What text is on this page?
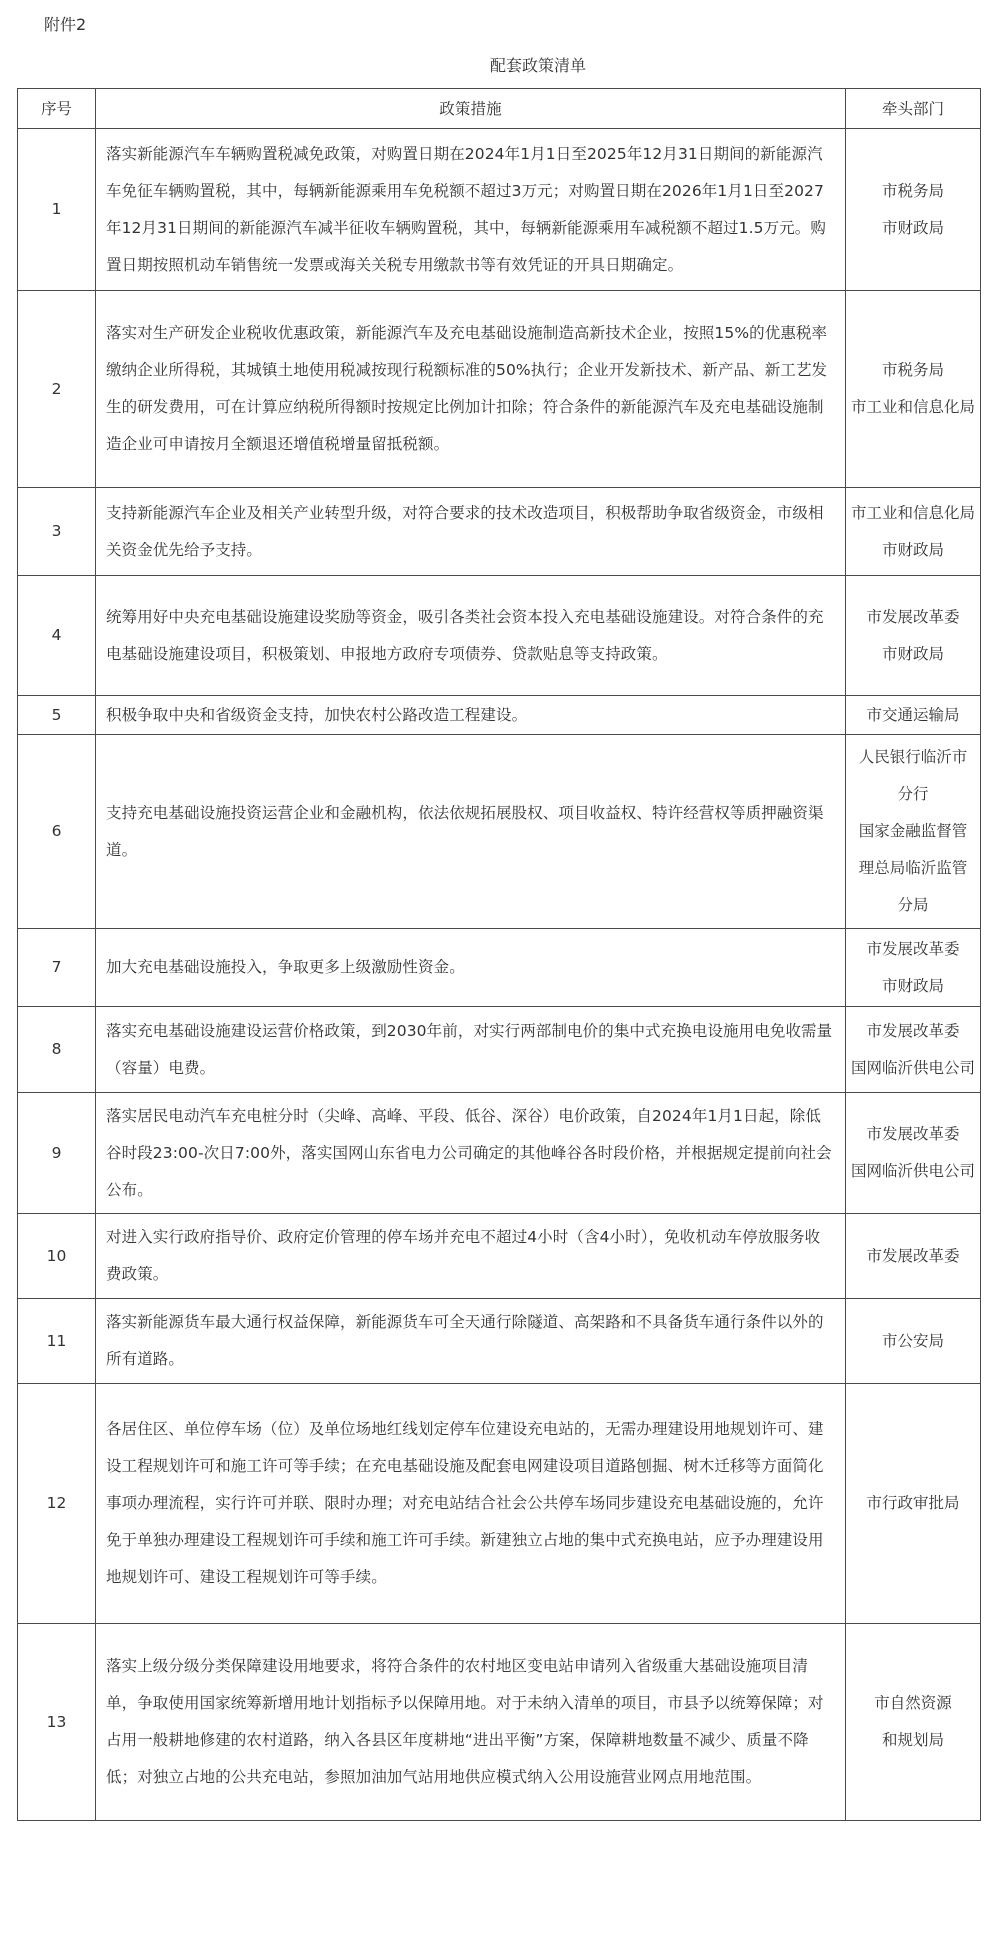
附件2
配套政策清单
序号	政策措施	牵头部门
1	落实新能源汽车车辆购置税减免政策，对购置日期在2024年1月1日至2025年12月31日期间的新能源汽车免征车辆购置税，其中，每辆新能源乘用车免税额不超过3万元；对购置日期在2026年1月1日至2027年12月31日期间的新能源汽车减半征收车辆购置税，其中，每辆新能源乘用车减税额不超过1.5万元。购置日期按照机动车销售统一发票或海关关税专用缴款书等有效凭证的开具日期确定。	市税务局
市财政局
2	落实对生产研发企业税收优惠政策，新能源汽车及充电基础设施制造高新技术企业，按照15%的优惠税率缴纳企业所得税，其城镇土地使用税减按现行税额标准的50%执行；企业开发新技术、新产品、新工艺发生的研发费用，可在计算应纳税所得额时按规定比例加计扣除；符合条件的新能源汽车及充电基础设施制造企业可申请按月全额退还增值税增量留抵税额。	市税务局
市工业和信息化局
3	支持新能源汽车企业及相关产业转型升级，对符合要求的技术改造项目，积极帮助争取省级资金，市级相关资金优先给予支持。	市工业和信息化局
市财政局
4	统筹用好中央充电基础设施建设奖励等资金，吸引各类社会资本投入充电基础设施建设。对符合条件的充电基础设施建设项目，积极策划、申报地方政府专项债券、贷款贴息等支持政策。	市发展改革委
市财政局
5	积极争取中央和省级资金支持，加快农村公路改造工程建设。	市交通运输局
6	支持充电基础设施投资运营企业和金融机构，依法依规拓展股权、项目收益权、特许经营权等质押融资渠道。	人民银行临沂市
分行
国家金融监督管
理总局临沂监管
分局
7	加大充电基础设施投入，争取更多上级激励性资金。	市发展改革委
市财政局
8	落实充电基础设施建设运营价格政策，到2030年前，对实行两部制电价的集中式充换电设施用电免收需量（容量）电费。	市发展改革委
国网临沂供电公司
9	落实居民电动汽车充电桩分时（尖峰、高峰、平段、低谷、深谷）电价政策，自2024年1月1日起，除低谷时段23:00-次日7:00外，落实国网山东省电力公司确定的其他峰谷各时段价格，并根据规定提前向社会公布。	市发展改革委
国网临沂供电公司
10	对进入实行政府指导价、政府定价管理的停车场并充电不超过4小时（含4小时），免收机动车停放服务收费政策。	市发展改革委
11	落实新能源货车最大通行权益保障，新能源货车可全天通行除隧道、高架路和不具备货车通行条件以外的所有道路。	市公安局
12	各居住区、单位停车场（位）及单位场地红线划定停车位建设充电站的，无需办理建设用地规划许可、建设工程规划许可和施工许可等手续；在充电基础设施及配套电网建设项目道路刨掘、树木迁移等方面简化事项办理流程，实行许可并联、限时办理；对充电站结合社会公共停车场同步建设充电基础设施的，允许免于单独办理建设工程规划许可手续和施工许可手续。新建独立占地的集中式充换电站，应予办理建设用地规划许可、建设工程规划许可等手续。	市行政审批局
13	落实上级分级分类保障建设用地要求，将符合条件的农村地区变电站申请列入省级重大基础设施项目清单，争取使用国家统筹新增用地计划指标予以保障用地。对于未纳入清单的项目，市县予以统筹保障；对占用一般耕地修建的农村道路，纳入各县区年度耕地“进出平衡”方案，保障耕地数量不减少、质量不降低；对独立占地的公共充电站，参照加油加气站用地供应模式纳入公用设施营业网点用地范围。	市自然资源
和规划局
